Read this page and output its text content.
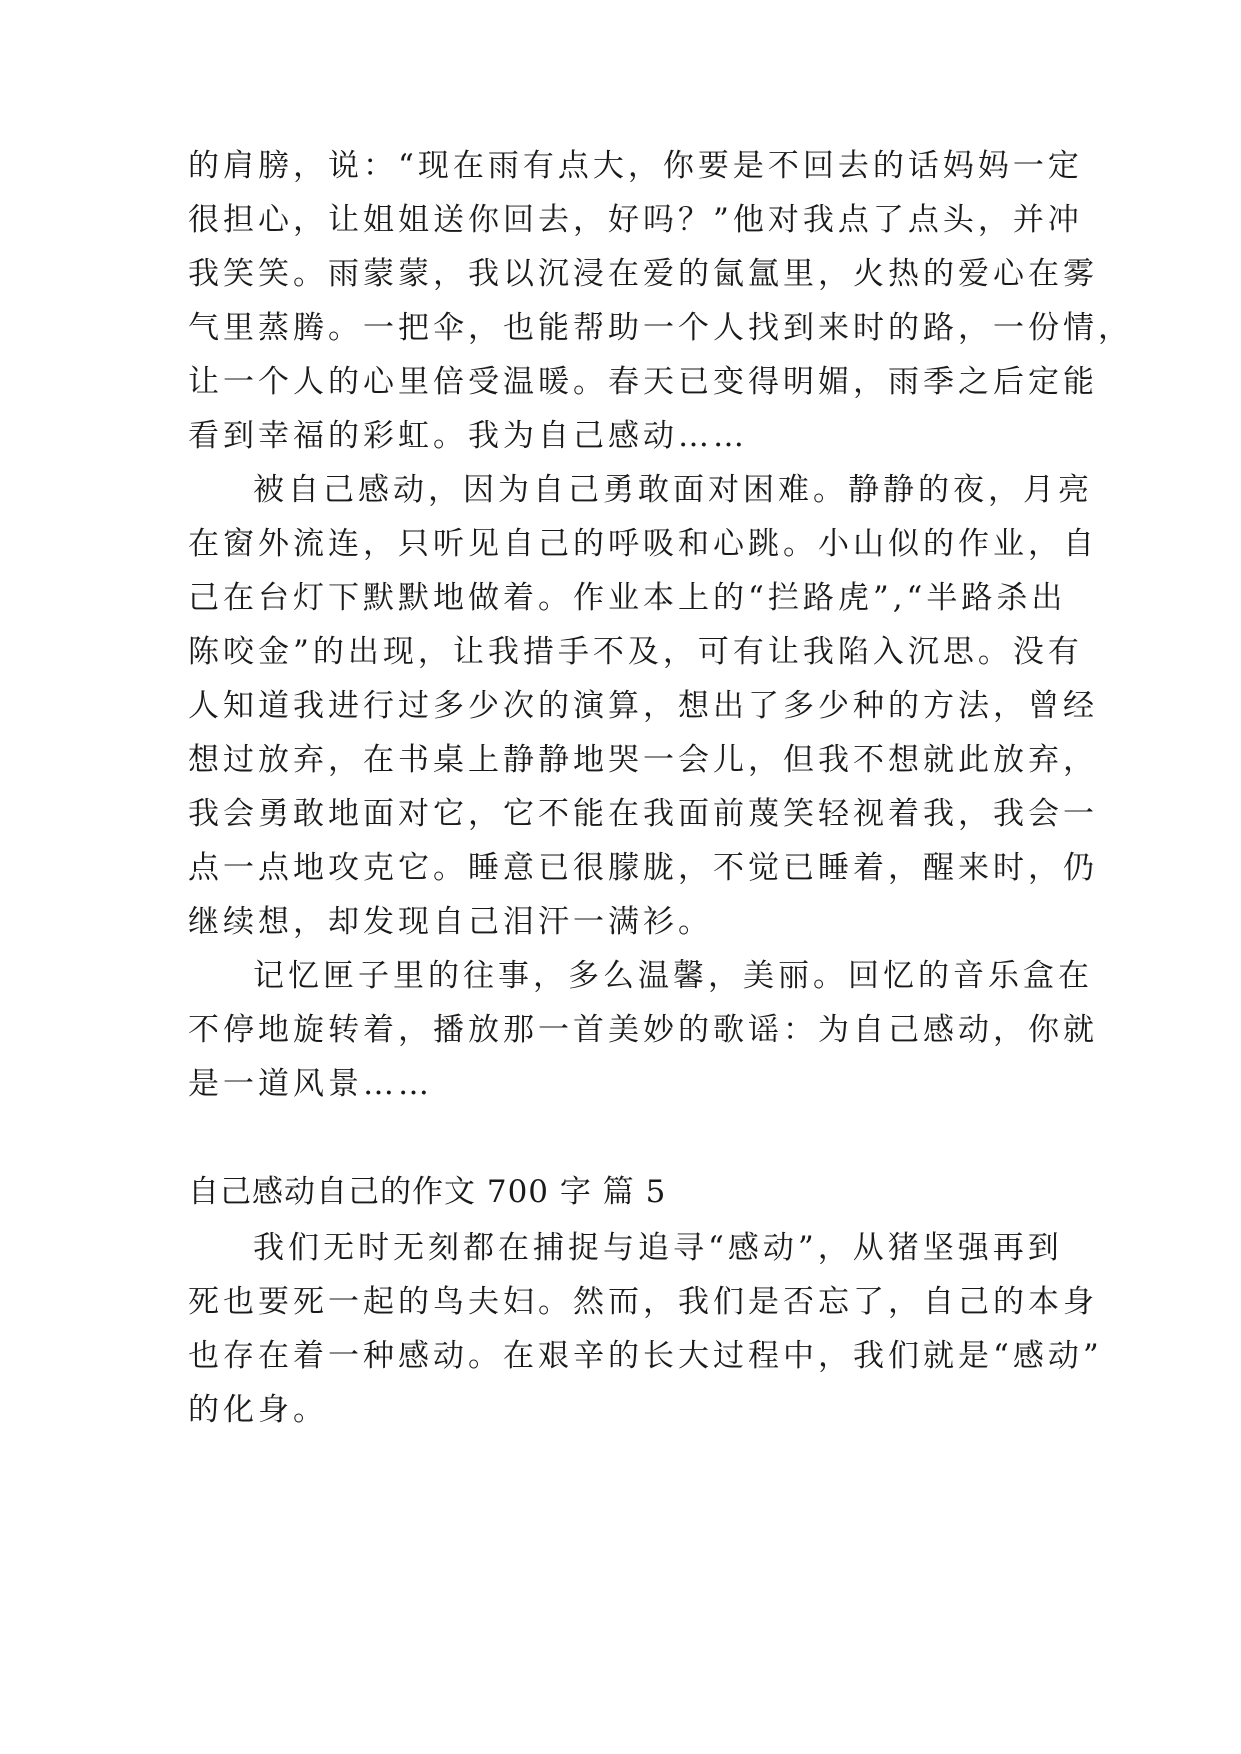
的肩膀，说：“现在雨有点大，你要是不回去的话妈妈一定
很担心，让姐姐送你回去，好吗？”他对我点了点头，并冲
我笑笑。雨蒙蒙，我以沉浸在爱的氤氲里，火热的爱心在雾
气里蒸腾。一把伞，也能帮助一个人找到来时的路，一份情，
让一个人的心里倍受温暖。春天已变得明媚，雨季之后定能
看到幸福的彩虹。我为自己感动……
被自己感动，因为自己勇敢面对困难。静静的夜，月亮
在窗外流连，只听见自己的呼吸和心跳。小山似的作业，自
己在台灯下默默地做着。作业本上的“拦路虎”,“半路杀出
陈咬金”的出现，让我措手不及，可有让我陷入沉思。没有
人知道我进行过多少次的演算，想出了多少种的方法，曾经
想过放弃，在书桌上静静地哭一会儿，但我不想就此放弃，
我会勇敢地面对它，它不能在我面前蔑笑轻视着我，我会一
点一点地攻克它。睡意已很朦胧，不觉已睡着，醒来时，仍
继续想，却发现自己泪汗一满衫。
记忆匣子里的往事，多么温馨，美丽。回忆的音乐盒在
不停地旋转着，播放那一首美妙的歌谣：为自己感动，你就
是一道风景……
自己感动自己的作文 700 字 篇 5
我们无时无刻都在捕捉与追寻“感动”，从猪坚强再到
死也要死一起的鸟夫妇。然而，我们是否忘了，自己的本身
也存在着一种感动。在艰辛的长大过程中，我们就是“感动”
的化身。
